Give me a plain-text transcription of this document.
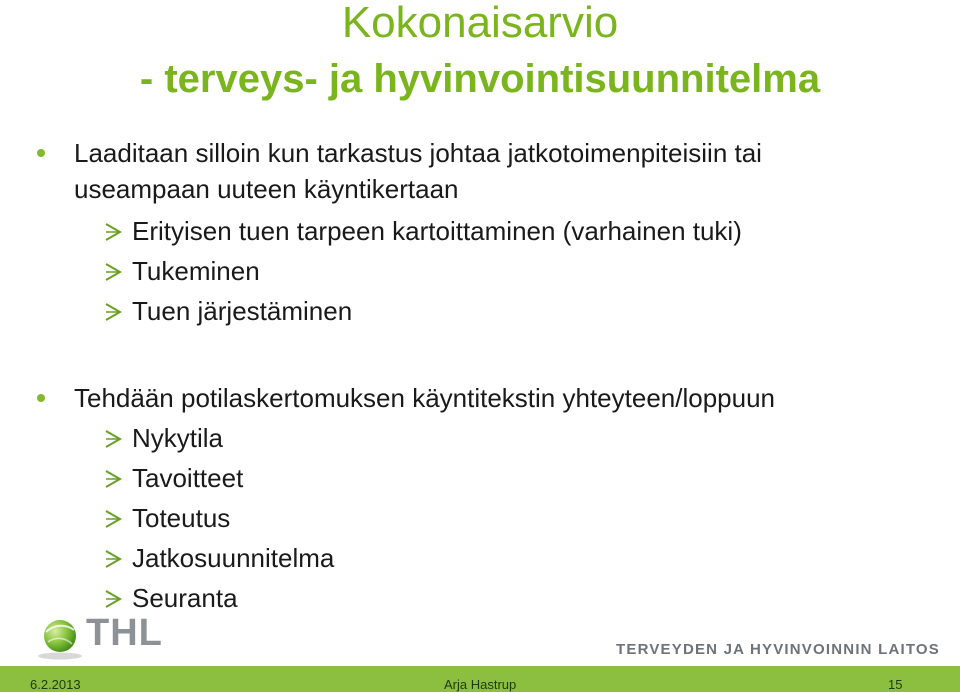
Kokonaisarvio
- terveys- ja hyvinvointisuunnitelma
Laaditaan silloin kun tarkastus johtaa jatkotoimenpiteisiin tai
useampaan uuteen käyntikertaan
Erityisen tuen tarpeen kartoittaminen (varhainen tuki)
Tukeminen
Tuen järjestäminen
Tehdään potilaskertomuksen käyntitekstin yhteyteen/loppuun
Nykytila
Tavoitteet
Toteutus
Jatkosuunnitelma
Seuranta
THL	TERVEYDEN JA HYVINVOINNIN LAITOS
6.2.2013	Arja Hastrup	15
